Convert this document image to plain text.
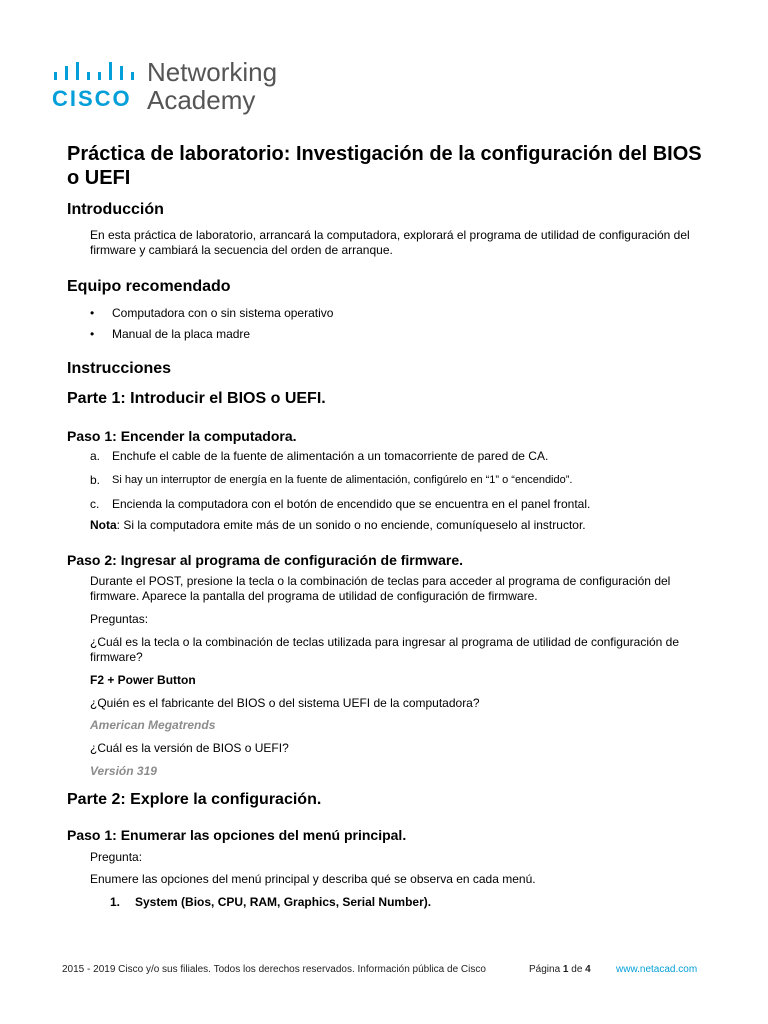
CISCO
Networking
Academy
Práctica de laboratorio: Investigación de la configuración del BIOS o UEFI
Introducción

En esta práctica de laboratorio, arrancará la computadora, explorará el programa de utilidad de configuración del firmware y cambiará la secuencia del orden de arranque.

Equipo recomendado
• Computadora con o sin sistema operativo

• Manual de la placa madre

Instrucciones
Parte 1: Introducir el BIOS o UEFI.
Paso 1: Encender la computadora.
a. Enchufe el cable de la fuente de alimentación a un tomacorriente de pared de CA.

b. Si hay un interruptor de energía en la fuente de alimentación, configúrelo en “1” o “encendido”.

c. Encienda la computadora con el botón de encendido que se encuentra en el panel frontal.

Nota: Si la computadora emite más de un sonido o no enciende, comuníqueselo al instructor.

Paso 2: Ingresar al programa de configuración de firmware.

Durante el POST, presione la tecla o la combinación de teclas para acceder al programa de configuración del firmware. Aparece la pantalla del programa de utilidad de configuración de firmware.

Preguntas:

¿Cuál es la tecla o la combinación de teclas utilizada para ingresar al programa de utilidad de configuración de firmware?

F2 + Power Button

¿Quién es el fabricante del BIOS o del sistema UEFI de la computadora?

American Megatrends

¿Cuál es la versión de BIOS o UEFI?

Versión 319

Parte 2: Explore la configuración.
Paso 1: Enumerar las opciones del menú principal.

Pregunta:

Enumere las opciones del menú principal y describa qué se observa en cada menú.

1. System (Bios, CPU, RAM, Graphics, Serial Number).

2015 - 2019 Cisco y/o sus filiales. Todos los derechos reservados. Información pública de Cisco	Página 1 de 4	www.netacad.com
